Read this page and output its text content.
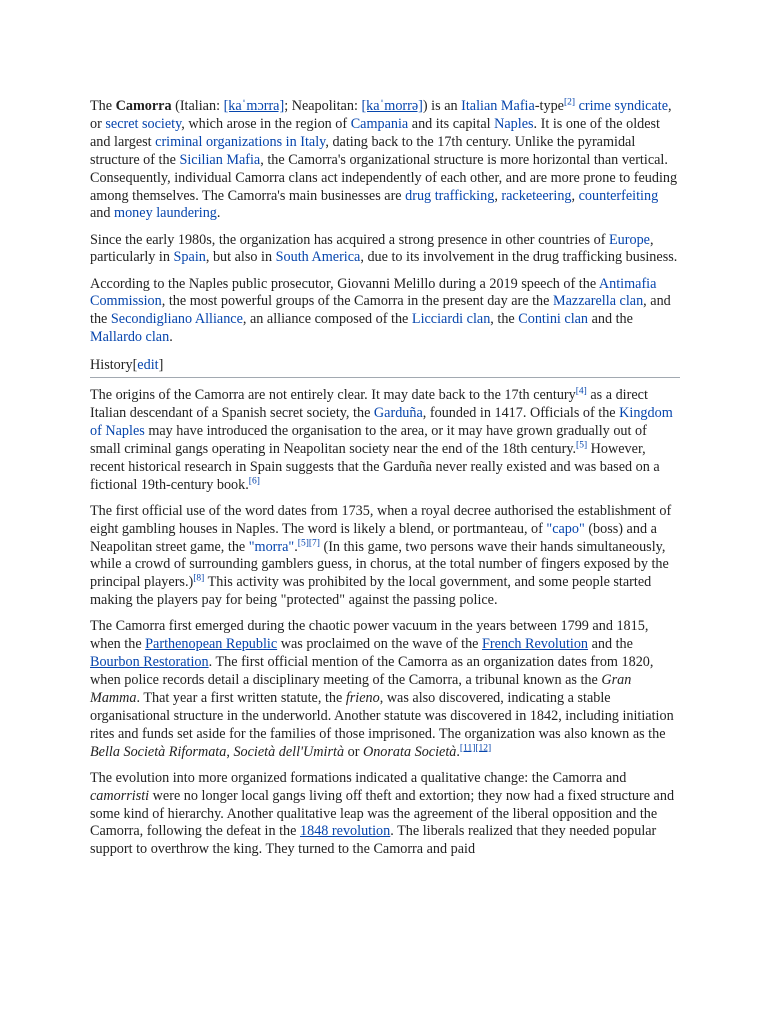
The Camorra (Italian: [kaˈmɔrra]; Neapolitan: [kaˈmorrə]) is an Italian Mafia-type[2] crime syndicate, or secret society, which arose in the region of Campania and its capital Naples. It is one of the oldest and largest criminal organizations in Italy, dating back to the 17th century. Unlike the pyramidal structure of the Sicilian Mafia, the Camorra's organizational structure is more horizontal than vertical. Consequently, individual Camorra clans act independently of each other, and are more prone to feuding among themselves. The Camorra's main businesses are drug trafficking, racketeering, counterfeiting and money laundering.

Since the early 1980s, the organization has acquired a strong presence in other countries of Europe, particularly in Spain, but also in South America, due to its involvement in the drug trafficking business.

According to the Naples public prosecutor, Giovanni Melillo during a 2019 speech of the Antimafia Commission, the most powerful groups of the Camorra in the present day are the Mazzarella clan, and the Secondigliano Alliance, an alliance composed of the Licciardi clan, the Contini clan and the Mallardo clan.

History[edit]

The origins of the Camorra are not entirely clear. It may date back to the 17th century[4] as a direct Italian descendant of a Spanish secret society, the Garduña, founded in 1417. Officials of the Kingdom of Naples may have introduced the organisation to the area, or it may have grown gradually out of small criminal gangs operating in Neapolitan society near the end of the 18th century.[5] However, recent historical research in Spain suggests that the Garduña never really existed and was based on a fictional 19th-century book.[6]

The first official use of the word dates from 1735, when a royal decree authorised the establishment of eight gambling houses in Naples. The word is likely a blend, or portmanteau, of "capo" (boss) and a Neapolitan street game, the "morra".[5][7] (In this game, two persons wave their hands simultaneously, while a crowd of surrounding gamblers guess, in chorus, at the total number of fingers exposed by the principal players.)[8] This activity was prohibited by the local government, and some people started making the players pay for being "protected" against the passing police.

The Camorra first emerged during the chaotic power vacuum in the years between 1799 and 1815, when the Parthenopean Republic was proclaimed on the wave of the French Revolution and the Bourbon Restoration. The first official mention of the Camorra as an organization dates from 1820, when police records detail a disciplinary meeting of the Camorra, a tribunal known as the Gran Mamma. That year a first written statute, the frieno, was also discovered, indicating a stable organisational structure in the underworld. Another statute was discovered in 1842, including initiation rites and funds set aside for the families of those imprisoned. The organization was also known as the Bella Società Riformata, Società dell'Umirtà or Onorata Società.[11][12]

The evolution into more organized formations indicated a qualitative change: the Camorra and camorristi were no longer local gangs living off theft and extortion; they now had a fixed structure and some kind of hierarchy. Another qualitative leap was the agreement of the liberal opposition and the Camorra, following the defeat in the 1848 revolution. The liberals realized that they needed popular support to overthrow the king. They turned to the Camorra and paid
